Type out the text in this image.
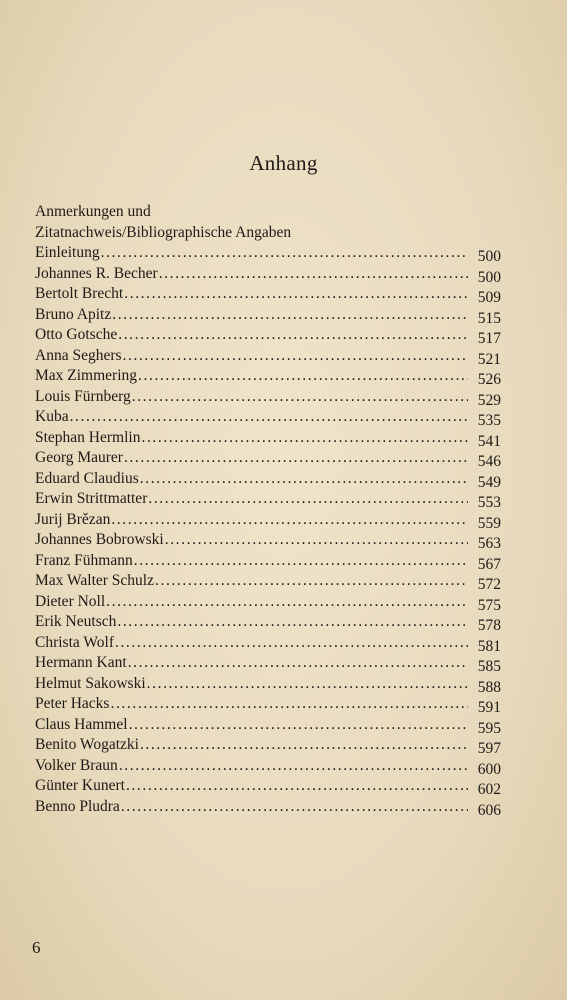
Anhang
Anmerkungen und
Zitatnachweis/Bibliographische Angaben
Einleitung .....	500
Johannes R. Becher .....	500
Bertolt Brecht .....	509
Bruno Apitz .....	515
Otto Gotsche .....	517
Anna Seghers .....	521
Max Zimmering .....	526
Louis Fürnberg .....	529
Kuba .....	535
Stephan Hermlin .....	541
Georg Maurer .....	546
Eduard Claudius .....	549
Erwin Strittmatter .....	553
Jurij Brězan .....	559
Johannes Bobrowski .....	563
Franz Fühmann .....	567
Max Walter Schulz .....	572
Dieter Noll .....	575
Erik Neutsch .....	578
Christa Wolf .....	581
Hermann Kant .....	585
Helmut Sakowski .....	588
Peter Hacks .....	591
Claus Hammel .....	595
Benito Wogatzki .....	597
Volker Braun .....	600
Günter Kunert .....	602
Benno Pludra .....	606
6
